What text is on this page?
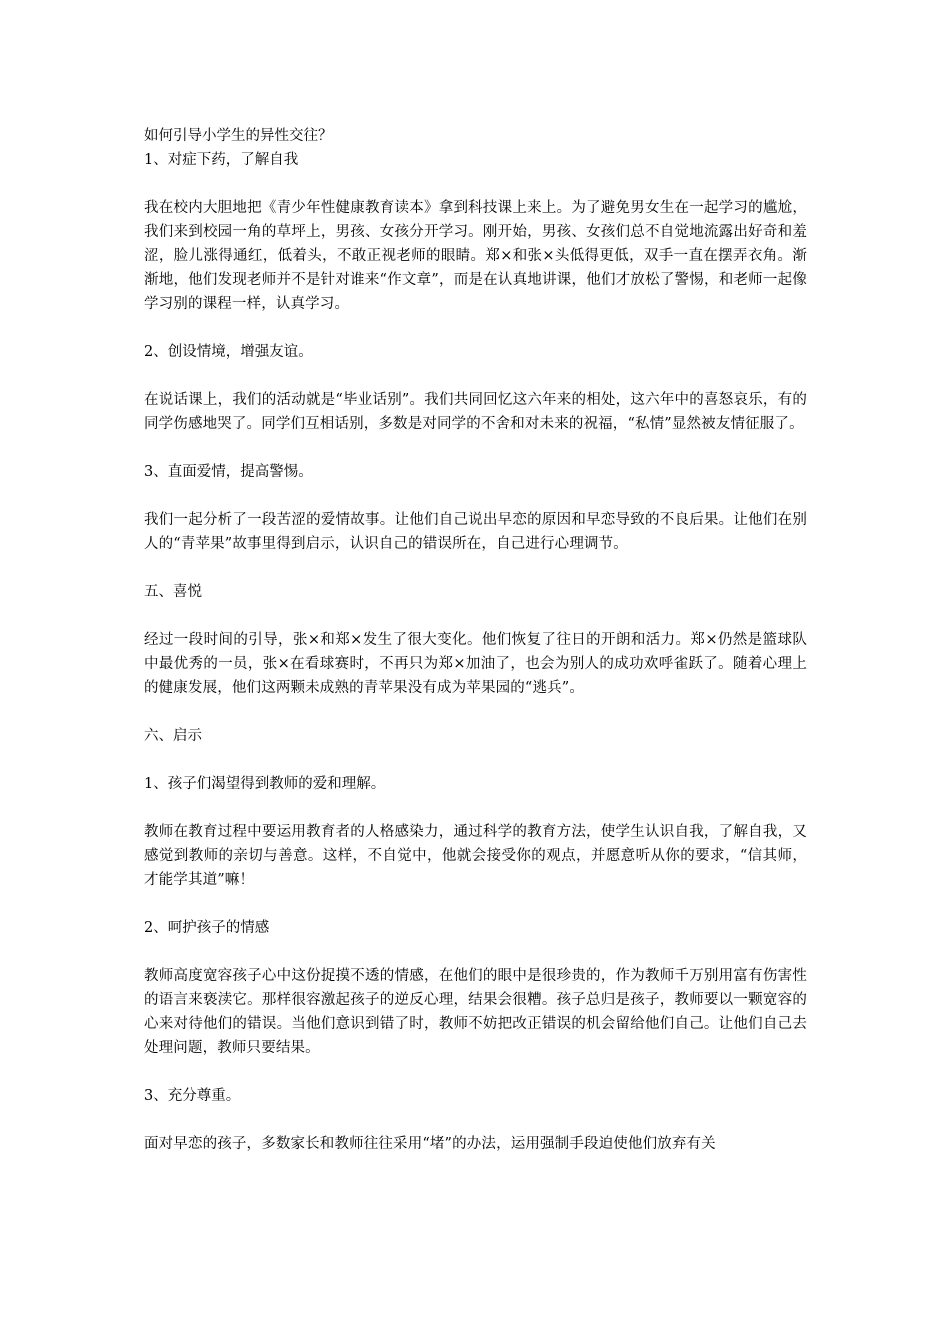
如何引导小学生的异性交往？

1、对症下药，了解自我

我在校内大胆地把《青少年性健康教育读本》拿到科技课上来上。为了避免男女生在一起学习的尴尬，我们来到校园一角的草坪上，男孩、女孩分开学习。刚开始，男孩、女孩们总不自觉地流露出好奇和羞涩，脸儿涨得通红，低着头，不敢正视老师的眼睛。郑×和张×头低得更低，双手一直在摆弄衣角。渐渐地，他们发现老师并不是针对谁来“作文章”，而是在认真地讲课，他们才放松了警惕，和老师一起像学习别的课程一样，认真学习。

2、创设情境，增强友谊。

在说话课上，我们的活动就是“毕业话别”。我们共同回忆这六年来的相处，这六年中的喜怒哀乐，有的同学伤感地哭了。同学们互相话别，多数是对同学的不舍和对未来的祝福，“私情”显然被友情征服了。

3、直面爱情，提高警惕。

我们一起分析了一段苦涩的爱情故事。让他们自己说出早恋的原因和早恋导致的不良后果。让他们在别人的“青苹果”故事里得到启示，认识自己的错误所在，自己进行心理调节。

五、喜悦

经过一段时间的引导，张×和郑×发生了很大变化。他们恢复了往日的开朗和活力。郑×仍然是篮球队中最优秀的一员，张×在看球赛时，不再只为郑×加油了，也会为别人的成功欢呼雀跃了。随着心理上的健康发展，他们这两颗未成熟的青苹果没有成为苹果园的“逃兵”。

六、启示

1、孩子们渴望得到教师的爱和理解。

教师在教育过程中要运用教育者的人格感染力，通过科学的教育方法，使学生认识自我，了解自我，又感觉到教师的亲切与善意。这样，不自觉中，他就会接受你的观点，并愿意听从你的要求，“信其师，才能学其道”嘛！

2、呵护孩子的情感

教师高度宽容孩子心中这份捉摸不透的情感，在他们的眼中是很珍贵的，作为教师千万别用富有伤害性的语言来亵渎它。那样很容激起孩子的逆反心理，结果会很糟。孩子总归是孩子，教师要以一颗宽容的心来对待他们的错误。当他们意识到错了时，教师不妨把改正错误的机会留给他们自己。让他们自己去处理问题，教师只要结果。

3、充分尊重。

面对早恋的孩子，多数家长和教师往往采用“堵”的办法，运用强制手段迫使他们放弃有关
